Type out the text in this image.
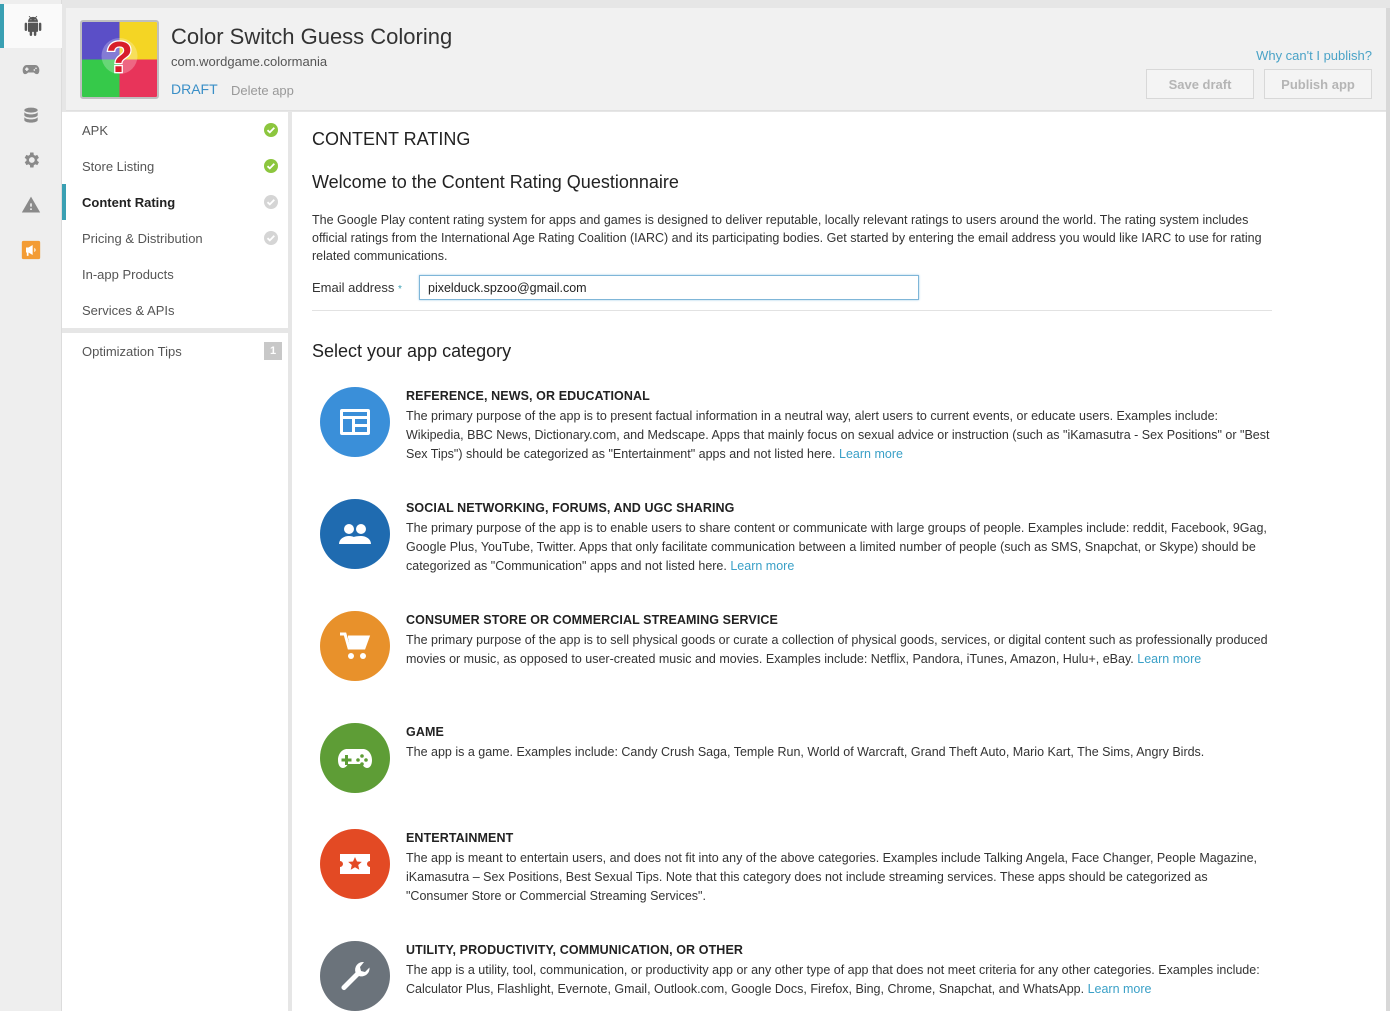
? Color Switch Guess Coloring
com.wordgame.colormania
DRAFT Delete app
Why can't I publish?
Save draft	Publish app
APK
Store Listing
Content Rating
Pricing & Distribution
In-app Products
Services & APIs
Optimization Tips	1
CONTENT RATING
Welcome to the Content Rating Questionnaire
The Google Play content rating system for apps and games is designed to deliver reputable, locally relevant ratings to users around the world. The rating system includes official ratings from the International Age Rating Coalition (IARC) and its participating bodies. Get started by entering the email address you would like IARC to use for rating related communications.
Email address *
pixelduck.spzoo@gmail.com
Select your app category
REFERENCE, NEWS, OR EDUCATIONAL
The primary purpose of the app is to present factual information in a neutral way, alert users to current events, or educate users. Examples include: Wikipedia, BBC News, Dictionary.com, and Medscape. Apps that mainly focus on sexual advice or instruction (such as "iKamasutra - Sex Positions" or "Best Sex Tips") should be categorized as "Entertainment" apps and not listed here. Learn more
SOCIAL NETWORKING, FORUMS, AND UGC SHARING
The primary purpose of the app is to enable users to share content or communicate with large groups of people. Examples include: reddit, Facebook, 9Gag, Google Plus, YouTube, Twitter. Apps that only facilitate communication between a limited number of people (such as SMS, Snapchat, or Skype) should be categorized as "Communication" apps and not listed here. Learn more
CONSUMER STORE OR COMMERCIAL STREAMING SERVICE
The primary purpose of the app is to sell physical goods or curate a collection of physical goods, services, or digital content such as professionally produced movies or music, as opposed to user-created music and movies. Examples include: Netflix, Pandora, iTunes, Amazon, Hulu+, eBay. Learn more
GAME
The app is a game. Examples include: Candy Crush Saga, Temple Run, World of Warcraft, Grand Theft Auto, Mario Kart, The Sims, Angry Birds.
ENTERTAINMENT
The app is meant to entertain users, and does not fit into any of the above categories. Examples include Talking Angela, Face Changer, People Magazine, iKamasutra – Sex Positions, Best Sexual Tips. Note that this category does not include streaming services. These apps should be categorized as "Consumer Store or Commercial Streaming Services".
UTILITY, PRODUCTIVITY, COMMUNICATION, OR OTHER
The app is a utility, tool, communication, or productivity app or any other type of app that does not meet criteria for any other categories. Examples include: Calculator Plus, Flashlight, Evernote, Gmail, Outlook.com, Google Docs, Firefox, Bing, Chrome, Snapchat, and WhatsApp. Learn more
